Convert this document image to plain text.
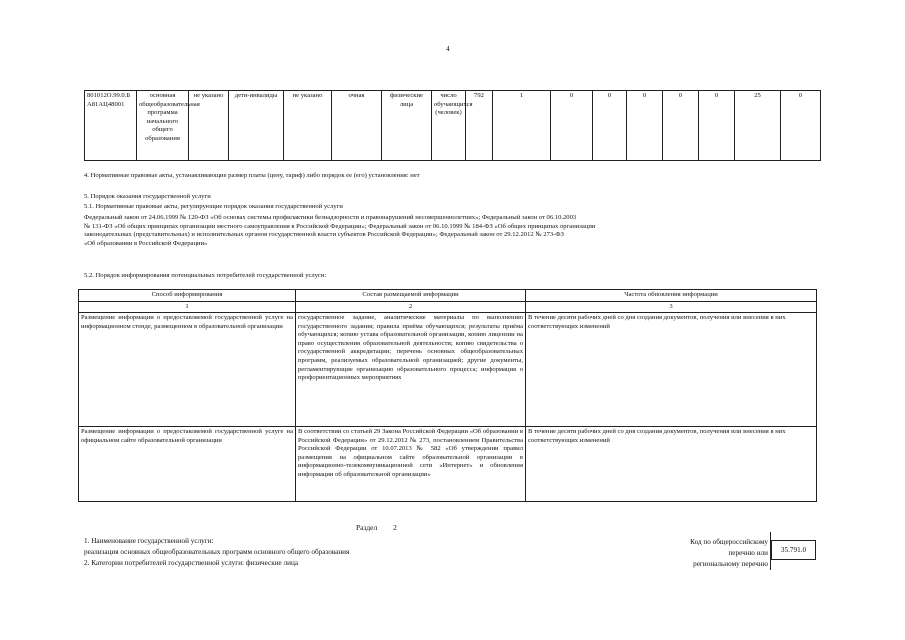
4
801012О.99.0.БА81АЦ48001	основная общеобразовательная программа начального общего образования	не указано	дети-инвалиды	не указано	очная	физические лица	число обучающихся (человек)	792	1	0	0	0	0	0	25	0
4. Нормативные правовые акты, устанавливающие размер платы (цену, тариф) либо порядок ее (его) установления: нет
5. Порядок оказания государственной услуги
5.1. Нормативные правовые акты, регулирующие порядок оказания государственной услуги
Федеральный закон от 24.06.1999 № 120-ФЗ «Об основах системы профилактики безнадзорности и правонарушений несовершеннолетних»; Федеральный закон от 06.10.2003
№ 131-ФЗ «Об общих принципах организации местного самоуправления в Российской Федерации»; Федеральный закон от 06.10.1999 № 184-ФЗ «Об общих принципах организации
законодательных (представительных) и исполнительных органов государственной власти субъектов Российской Федерации»; Федеральный закон от 29.12.2012 № 273-ФЗ
«Об образовании в Российской Федерации»
5.2. Порядок информирования потенциальных потребителей государственной услуги:
Способ информирования	Состав размещаемой информации	Частота обновления информации
1	2	3
Размещение информации о предоставляемой государственной услуге на информационном стенде, размещенном в образовательной организации	государственное задание, аналитические материалы по выполнению государственного задания; правила приёма обучающихся; результаты приёма обучающихся; копию устава образовательной организации, копию лицензии на право осуществления образовательной деятельности; копию свидетельства о государственной аккредитации; перечень основных общеобразовательных программ, реализуемых образовательной организацией; другие документы, регламентирующие организацию образовательного процесса; информация о профориентационных мероприятиях	В течение десяти рабочих дней со дня создания документов, получения или внесения в них соответствующих изменений
Размещение информации о предоставляемой государственной услуге на официальном сайте образовательной организации	В соответствии со статьей 29 Закона Российской Федерации «Об образовании в Российской Федерации» от 29.12.2012 № 273, постановлением Правительства Российской Федерации от 10.07.2013 № 582 «Об утверждении правил размещения на официальном сайте образовательной организации в информационно-телекоммуникационной сети «Интернет» и обновления информации об образовательной организации»	В течение десяти рабочих дней со дня создания документов, получения или внесения в них соответствующих изменений
Раздел 2
1. Наименование государственной услуги:
реализация основных общеобразовательных программ основного общего образования
2. Категории потребителей государственной услуги: физические лица
Код по общероссийскому
перечню или
региональному перечню
35.791.0
